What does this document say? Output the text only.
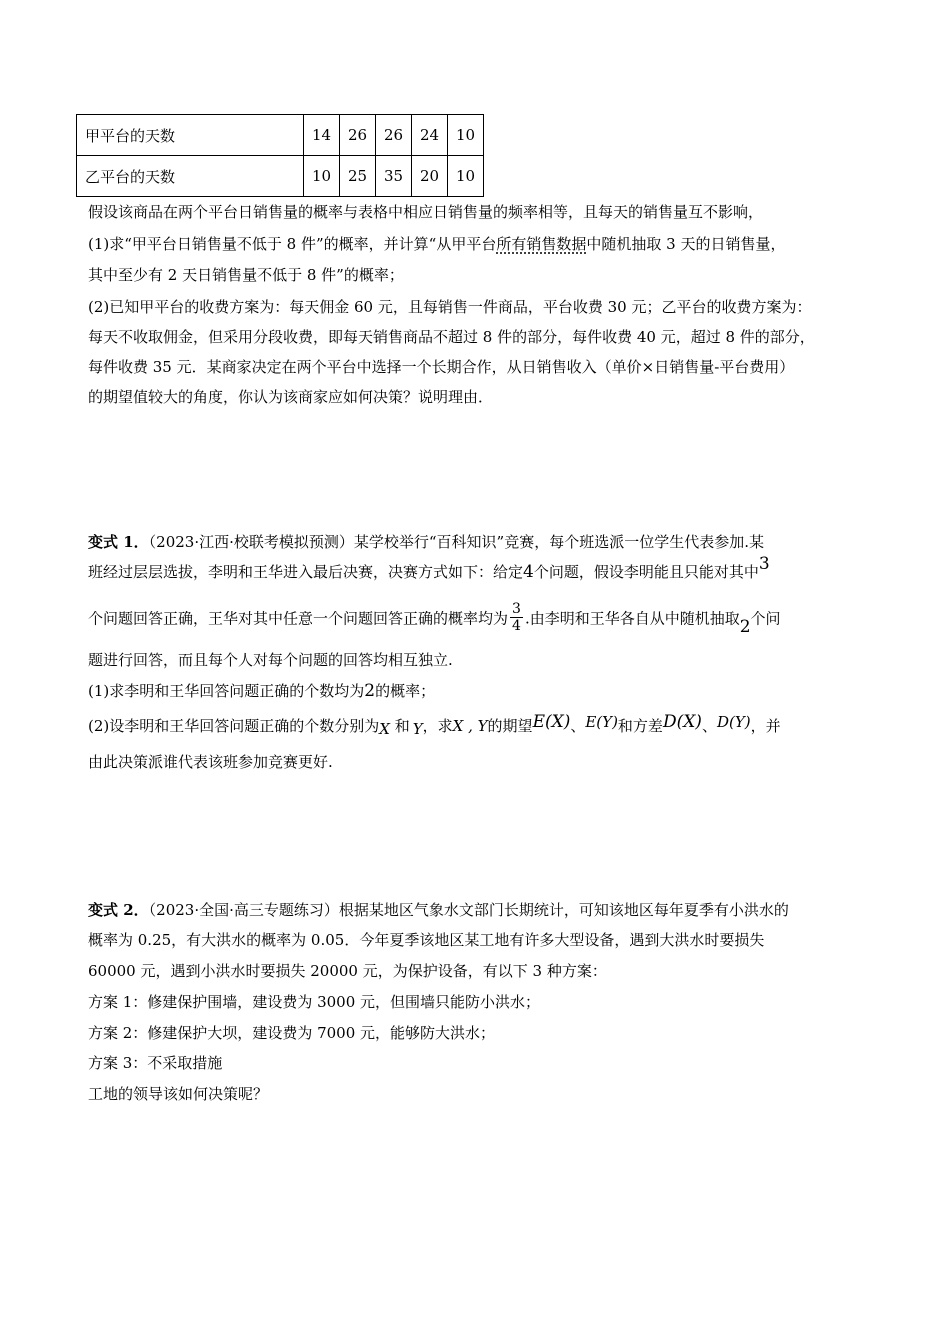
甲平台的天数	14	26	26	24	10
乙平台的天数	10	25	35	20	10
假设该商品在两个平台日销售量的概率与表格中相应日销售量的频率相等，且每天的销售量互不影响，
(1)求“甲平台日销售量不低于 8 件”的概率，并计算“从甲平台所有销售数据中随机抽取 3 天的日销售量，
其中至少有 2 天日销售量不低于 8 件”的概率；
(2)已知甲平台的收费方案为：每天佣金 60 元，且每销售一件商品，平台收费 30 元；乙平台的收费方案为：
每天不收取佣金，但采用分段收费，即每天销售商品不超过 8 件的部分，每件收费 40 元，超过 8 件的部分，
每件收费 35 元．某商家决定在两个平台中选择一个长期合作，从日销售收入（单价×日销售量-平台费用）
的期望值较大的角度，你认为该商家应如何决策？说明理由．
变式 1．（2023·江西·校联考模拟预测）某学校举行“百科知识”竞赛，每个班选派一位学生代表参加.某
班经过层层选拔，李明和王华进入最后决赛，决赛方式如下：给定4个问题，假设李明能且只能对其中3
个问题回答正确，王华对其中任意一个问题回答正确的概率均为 $\frac{3}{4}$ .由李明和王华各自从中随机抽取2个问
题进行回答，而且每个人对每个问题的回答均相互独立.
(1)求李明和王华回答问题正确的个数均为2的概率；
(2)设李明和王华回答问题正确的个数分别为X 和 Y，求X , Y的期望E(X)、E(Y)和方差D(X)、D(Y)，并
由此决策派谁代表该班参加竞赛更好.
变式 2．（2023·全国·高三专题练习）根据某地区气象水文部门长期统计，可知该地区每年夏季有小洪水的
概率为 0.25，有大洪水的概率为 0.05．今年夏季该地区某工地有许多大型设备，遇到大洪水时要损失
60000 元，遇到小洪水时要损失 20000 元，为保护设备，有以下 3 种方案：
方案 1：修建保护围墙，建设费为 3000 元，但围墙只能防小洪水；
方案 2：修建保护大坝，建设费为 7000 元，能够防大洪水；
方案 3：不采取措施
工地的领导该如何决策呢？
